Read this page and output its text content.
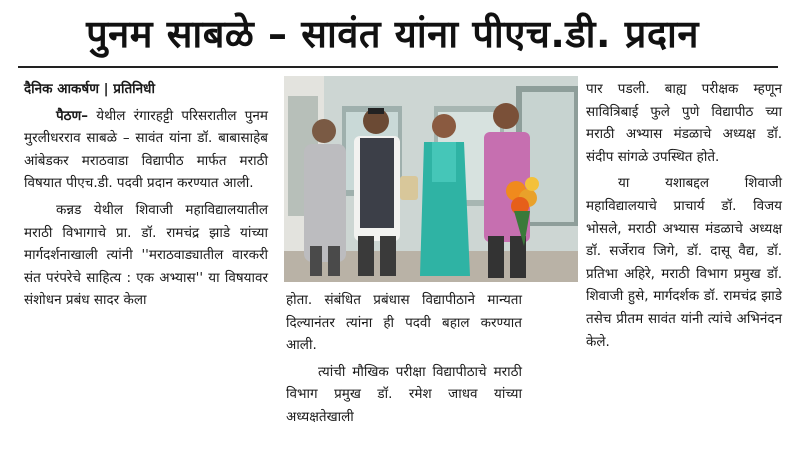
पुनम साबळे – सावंत यांना पीएच.डी. प्रदान

दैनिक आकर्षण | प्रतिनिधी

पैठण– येथील रंगारहट्टी परिसरातील पुनम मुरलीधरराव साबळे – सावंत यांना डॉ. बाबासाहेब आंबेडकर मराठवाडा विद्यापीठ मार्फत मराठी विषयात पीएच.डी. पदवी प्रदान करण्यात आली.

कन्नड येथील शिवाजी महाविद्यालयातील मराठी विभागाचे प्रा. डॉ. रामचंद्र झाडे यांच्या मार्गदर्शनाखाली त्यांनी ''मराठवाड्यातील वारकरी संत परंपरेचे साहित्य : एक अभ्यास'' या विषयावर संशोधन प्रबंध सादर केला	होता. संबंधित प्रबंधास विद्यापीठाने मान्यता दिल्यानंतर त्यांना ही पदवी बहाल करण्यात आली.

त्यांची मौखिक परीक्षा विद्यापीठाचे मराठी विभाग प्रमुख डॉ. रमेश जाधव यांच्या अध्यक्षतेखाली

पार पडली. बाह्य परीक्षक म्हणून सावित्रिबाई फुले पुणे विद्यापीठ च्या मराठी अभ्यास मंडळाचे अध्यक्ष डॉ. संदीप सांगळे उपस्थित होते.

या यशाबद्दल शिवाजी महाविद्यालयाचे प्राचार्य डॉ. विजय भोसले, मराठी अभ्यास मंडळाचे अध्यक्ष डॉ. सर्जेराव जिगे, डॉ. दासू वैद्य, डॉ. प्रतिभा अहिरे, मराठी विभाग प्रमुख डॉ. शिवाजी हुसे, मार्गदर्शक डॉ. रामचंद्र झाडे तसेच प्रीतम सावंत यांनी त्यांचे अभिनंदन केले.
